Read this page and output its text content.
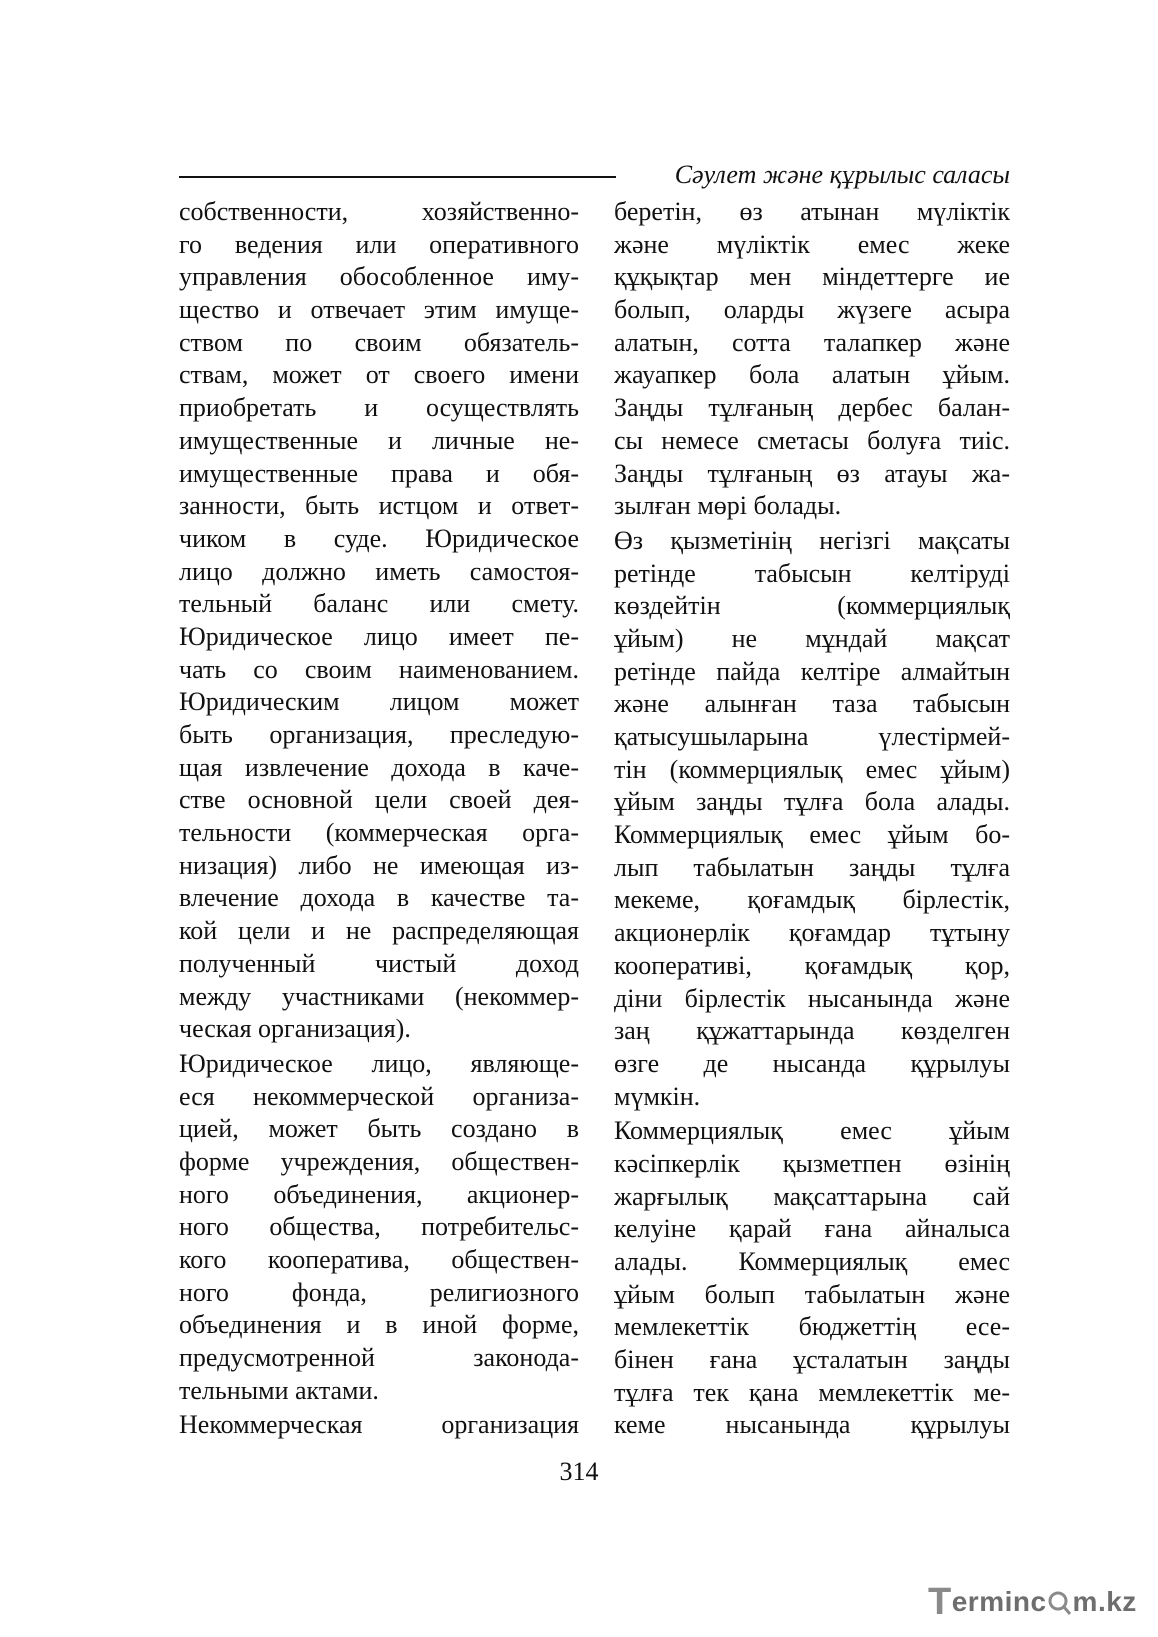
Сәулет және құрылыс саласы
собственности, хозяйственно-
го ведения или оперативного
управления обособленное иму-
щество и отвечает этим имуще-
ством по своим обязатель-
ствам, может от своего имени
приобретать и осуществлять
имущественные и личные не-
имущественные права и обя-
занности, быть истцом и ответ-
чиком в суде. Юридическое
лицо должно иметь самостоя-
тельный баланс или смету.
Юридическое лицо имеет пе-
чать со своим наименованием.
Юридическим лицом может
быть организация, преследую-
щая извлечение дохода в каче-
стве основной цели своей дея-
тельности (коммерческая орга-
низация) либо не имеющая из-
влечение дохода в качестве та-
кой цели и не распределяющая
полученный чистый доход
между участниками (некоммер-
ческая организация).
Юридическое лицо, являюще-
еся некоммерческой организа-
цией, может быть создано в
форме учреждения, обществен-
ного объединения, акционер-
ного общества, потребительс-
кого кооператива, обществен-
ного фонда, религиозного
объединения и в иной форме,
предусмотренной законода-
тельными актами.
Некоммерческая организация
беретін, өз атынан мүліктік
және мүліктік емес жеке
құқықтар мен міндеттерге ие
болып, оларды жүзеге асыра
алатын, сотта талапкер және
жауапкер бола алатын ұйым.
Заңды тұлғаның дербес балан-
сы немесе сметасы болуға тиіс.
Заңды тұлғаның өз атауы жа-
зылған мөрі болады.
Өз қызметінің негізгі мақсаты
ретінде табысын келтіруді
көздейтін (коммерциялық
ұйым) не мұндай мақсат
ретінде пайда келтіре алмайтын
және алынған таза табысын
қатысушыларына үлестірмей-
тін (коммерциялық емес ұйым)
ұйым заңды тұлға бола алады.
Коммерциялық емес ұйым бо-
лып табылатын заңды тұлға
мекеме, қоғамдық бірлестік,
акционерлік қоғамдар тұтыну
кооперативі, қоғамдық қор,
діни бірлестік нысанында және
заң құжаттарында көзделген
өзге де нысанда құрылуы
мүмкін.
Коммерциялық емес ұйым
кәсіпкерлік қызметпен өзінің
жарғылық мақсаттарына сай
келуіне қарай ғана айналыса
алады. Коммерциялық емес
ұйым болып табылатын және
мемлекеттік бюджеттің есе-
бінен ғана ұсталатын заңды
тұлға тек қана мемлекеттік ме-
кеме нысанында құрылуы
314
T erminc m.kz
